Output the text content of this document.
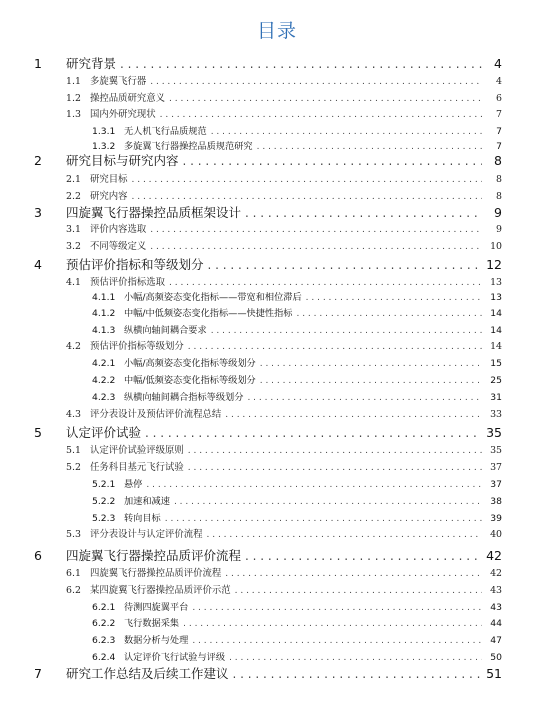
目录
1	研究背景 . . .	4
1.1 多旋翼飞行器 . . .	4
1.2 操控品质研究意义 . . .	6
1.3 国内外研究现状 . . .	7
1.3.1 无人机飞行品质规范 . . .	7
1.3.2 多旋翼飞行器操控品质规范研究 . . .	7
2	研究目标与研究内容 . . .	8
2.1 研究目标 . . .	8
2.2 研究内容 . . .	8
3	四旋翼飞行器操控品质框架设计 . . .	9
3.1 评价内容选取 . . .	9
3.2 不同等级定义 . . .	10
4	预估评价指标和等级划分 . . .	12
4.1 预估评价指标选取 . . .	13
4.1.1 小幅/高频姿态变化指标——带宽和相位滞后 . . .	13
4.1.2 中幅/中低频姿态变化指标——快捷性指标 . . .	14
4.1.3 纵横向轴间耦合要求 . . .	14
4.2 预估评价指标等级划分 . . .	14
4.2.1 小幅/高频姿态变化指标等级划分 . . .	15
4.2.2 中幅/低频姿态变化指标等级划分 . . .	25
4.2.3 纵横向轴间耦合指标等级划分 . . .	31
4.3 评分表设计及预估评价流程总结 . . .	33
5	认定评价试验 . . .	35
5.1 认定评价试验评级原则 . . .	35
5.2 任务科目基元飞行试验 . . .	37
5.2.1 悬停 . . .	37
5.2.2 加速和减速 . . .	38
5.2.3 转向目标 . . .	39
5.3 评分表设计与认定评价流程 . . .	40
6	四旋翼飞行器操控品质评价流程 . . .	42
6.1 四旋翼飞行器操控品质评价流程 . . .	42
6.2 某四旋翼飞行器操控品质评价示范 . . .	43
6.2.1 待测四旋翼平台 . . .	43
6.2.2 飞行数据采集 . . .	44
6.2.3 数据分析与处理 . . .	47
6.2.4 认定评价飞行试验与评级 . . .	50
7	研究工作总结及后续工作建议 . . .	51
